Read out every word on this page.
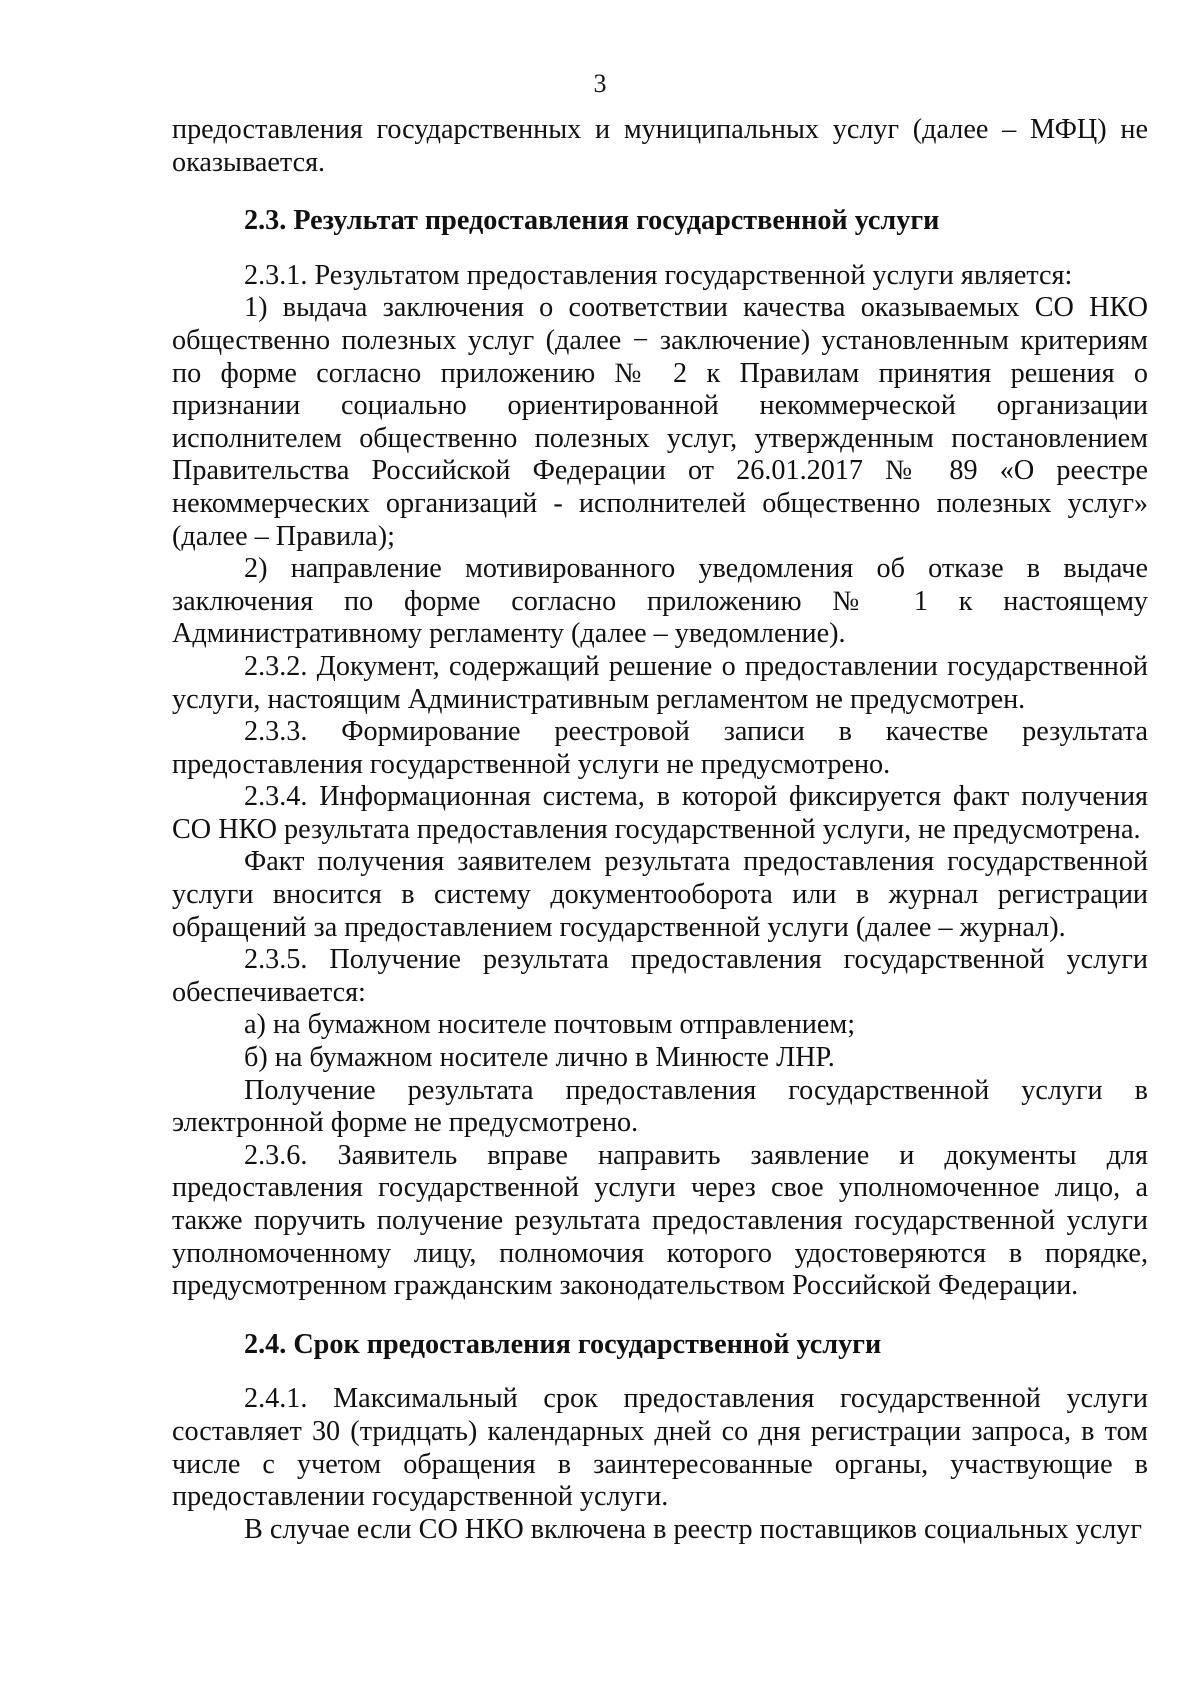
3

предоставления государственных и муниципальных услуг (далее – МФЦ) не оказывается.

2.3. Результат предоставления государственной услуги

2.3.1. Результатом предоставления государственной услуги является:

1) выдача заключения о соответствии качества оказываемых СО НКО общественно полезных услуг (далее − заключение) установленным критериям по форме согласно приложению № 2 к Правилам принятия решения о признании социально ориентированной некоммерческой организации исполнителем общественно полезных услуг, утвержденным постановлением Правительства Российской Федерации от 26.01.2017 № 89 «О реестре некоммерческих организаций - исполнителей общественно полезных услуг» (далее – Правила);

2) направление мотивированного уведомления об отказе в выдаче заключения по форме согласно приложению № 1 к настоящему Административному регламенту (далее – уведомление).

2.3.2. Документ, содержащий решение о предоставлении государственной услуги, настоящим Административным регламентом не предусмотрен.

2.3.3. Формирование реестровой записи в качестве результата предоставления государственной услуги не предусмотрено.

2.3.4. Информационная система, в которой фиксируется факт получения СО НКО результата предоставления государственной услуги, не предусмотрена.

Факт получения заявителем результата предоставления государственной услуги вносится в систему документооборота или в журнал регистрации обращений за предоставлением государственной услуги (далее – журнал).

2.3.5. Получение результата предоставления государственной услуги обеспечивается:

а) на бумажном носителе почтовым отправлением;

б) на бумажном носителе лично в Минюсте ЛНР.

Получение результата предоставления государственной услуги в электронной форме не предусмотрено.

2.3.6. Заявитель вправе направить заявление и документы для предоставления государственной услуги через свое уполномоченное лицо, а также поручить получение результата предоставления государственной услуги уполномоченному лицу, полномочия которого удостоверяются в порядке, предусмотренном гражданским законодательством Российской Федерации.

2.4. Срок предоставления государственной услуги

2.4.1. Максимальный срок предоставления государственной услуги составляет 30 (тридцать) календарных дней со дня регистрации запроса, в том числе с учетом обращения в заинтересованные органы, участвующие в предоставлении государственной услуги.

В случае если СО НКО включена в реестр поставщиков социальных услуг
